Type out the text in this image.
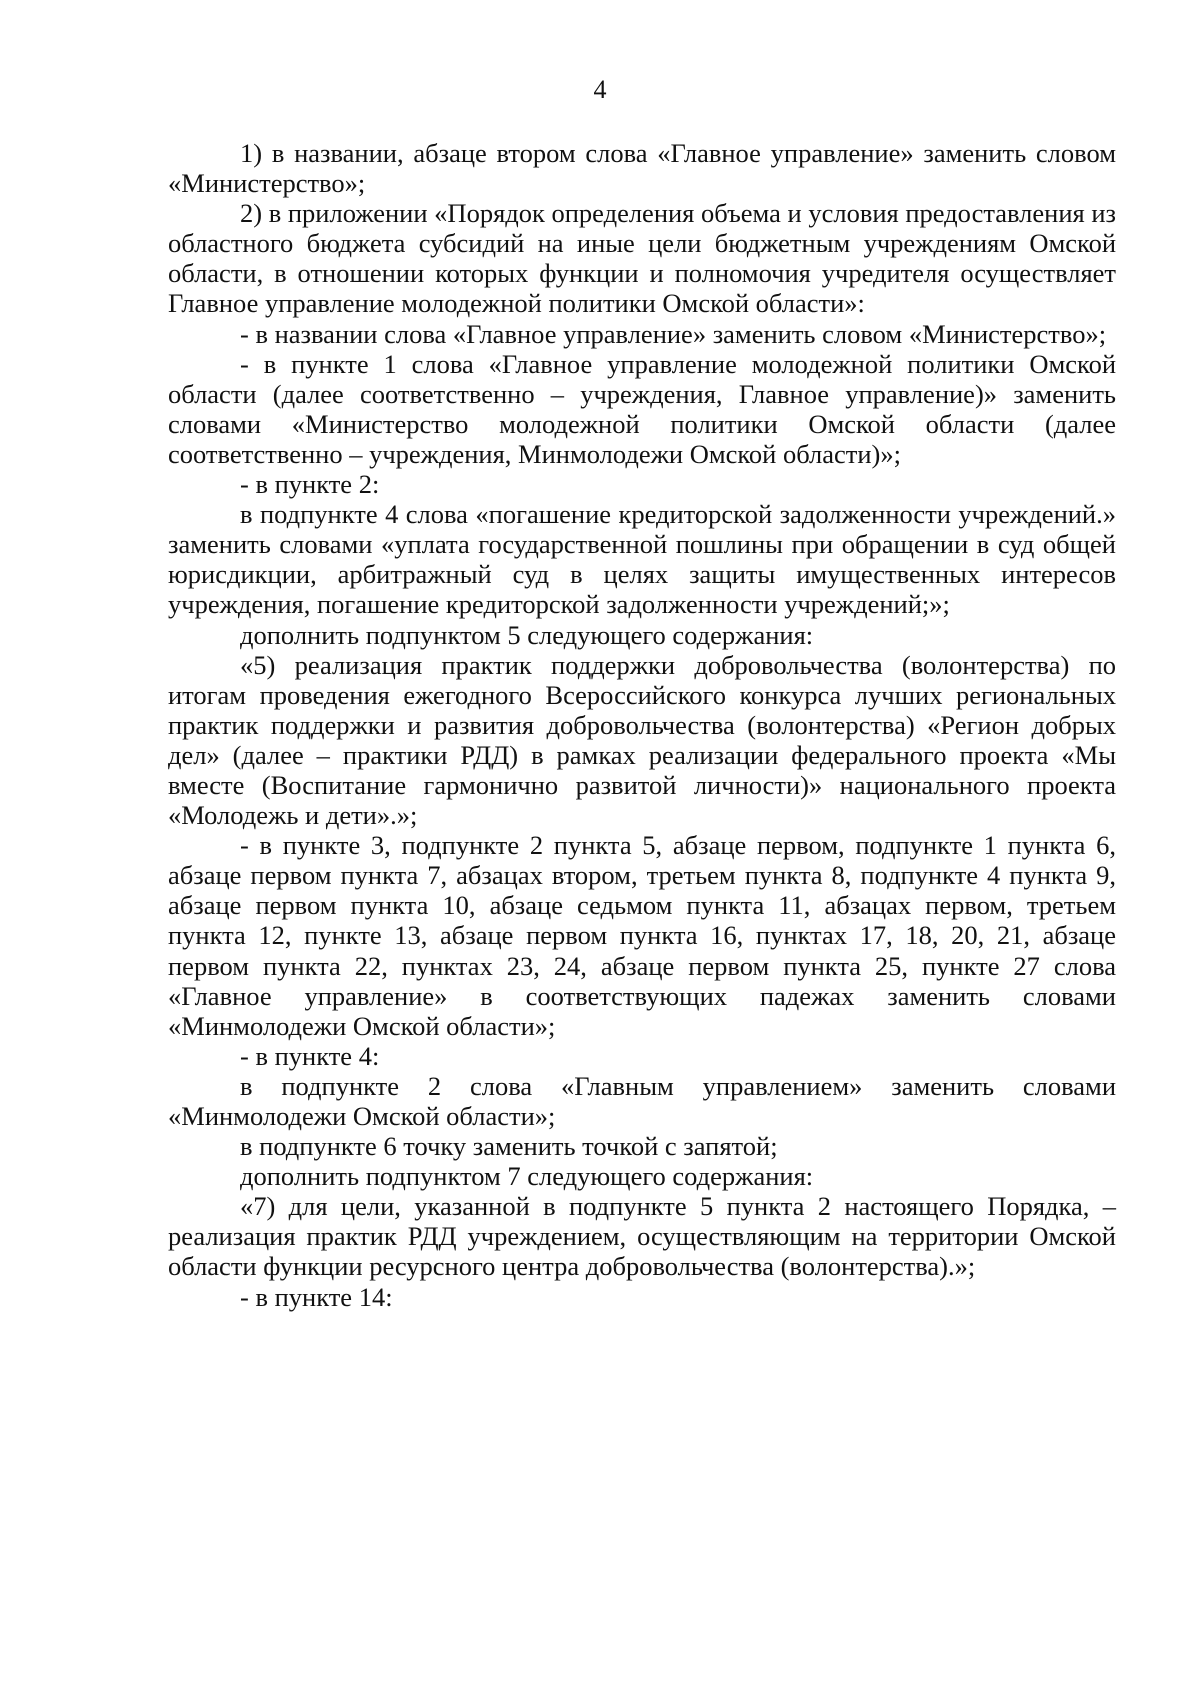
4

1) в названии, абзаце втором слова «Главное управление» заменить словом «Министерство»;

2) в приложении «Порядок определения объема и условия предоставления из областного бюджета субсидий на иные цели бюджетным учреждениям Омской области, в отношении которых функции и полномочия учредителя осуществляет Главное управление молодежной политики Омской области»:

- в названии слова «Главное управление» заменить словом «Министерство»;

- в пункте 1 слова «Главное управление молодежной политики Омской области (далее соответственно – учреждения, Главное управление)» заменить словами «Министерство молодежной политики Омской области (далее соответственно – учреждения, Минмолодежи Омской области)»;

- в пункте 2:

в подпункте 4 слова «погашение кредиторской задолженности учреждений.» заменить словами «уплата государственной пошлины при обращении в суд общей юрисдикции, арбитражный суд в целях защиты имущественных интересов учреждения, погашение кредиторской задолженности учреждений;»;

дополнить подпунктом 5 следующего содержания:

«5) реализация практик поддержки добровольчества (волонтерства) по итогам проведения ежегодного Всероссийского конкурса лучших региональных практик поддержки и развития добровольчества (волонтерства) «Регион добрых дел» (далее – практики РДД) в рамках реализации федерального проекта «Мы вместе (Воспитание гармонично развитой личности)» национального проекта «Молодежь и дети».»;

- в пункте 3, подпункте 2 пункта 5, абзаце первом, подпункте 1 пункта 6, абзаце первом пункта 7, абзацах втором, третьем пункта 8, подпункте 4 пункта 9, абзаце первом пункта 10, абзаце седьмом пункта 11, абзацах первом, третьем пункта 12, пункте 13, абзаце первом пункта 16, пунктах 17, 18, 20, 21, абзаце первом пункта 22, пунктах 23, 24, абзаце первом пункта 25, пункте 27 слова «Главное управление» в соответствующих падежах заменить словами «Минмолодежи Омской области»;

- в пункте 4:

в подпункте 2 слова «Главным управлением» заменить словами «Минмолодежи Омской области»;

в подпункте 6 точку заменить точкой с запятой;

дополнить подпунктом 7 следующего содержания:

«7) для цели, указанной в подпункте 5 пункта 2 настоящего Порядка, – реализация практик РДД учреждением, осуществляющим на территории Омской области функции ресурсного центра добровольчества (волонтерства).»;

- в пункте 14:
